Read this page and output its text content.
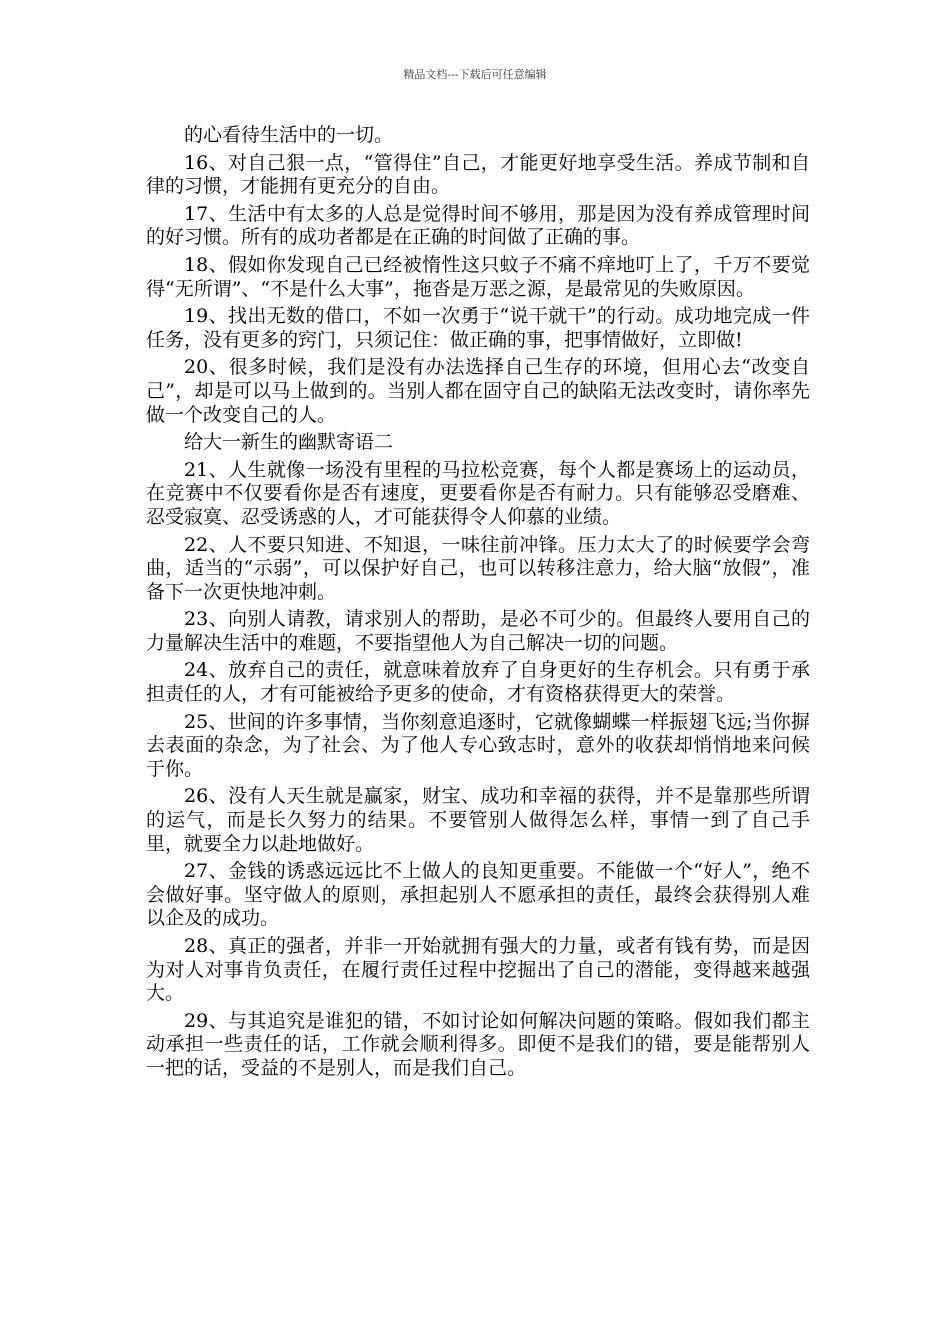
精品文档---下载后可任意编辑

的心看待生活中的一切。

16、对自己狠一点，“管得住”自己，才能更好地享受生活。养成节制和自律的习惯，才能拥有更充分的自由。

17、生活中有太多的人总是觉得时间不够用，那是因为没有养成管理时间的好习惯。所有的成功者都是在正确的时间做了正确的事。

18、假如你发现自己已经被惰性这只蚊子不痛不痒地叮上了，千万不要觉得“无所谓”、“不是什么大事”，拖沓是万恶之源，是最常见的失败原因。

19、找出无数的借口，不如一次勇于“说干就干”的行动。成功地完成一件任务，没有更多的窍门，只须记住：做正确的事，把事情做好，立即做!

20、很多时候，我们是没有办法选择自己生存的环境，但用心去“改变自己”，却是可以马上做到的。当别人都在固守自己的缺陷无法改变时，请你率先做一个改变自己的人。

给大一新生的幽默寄语二

21、人生就像一场没有里程的马拉松竞赛，每个人都是赛场上的运动员，在竞赛中不仅要看你是否有速度，更要看你是否有耐力。只有能够忍受磨难、忍受寂寞、忍受诱惑的人，才可能获得令人仰慕的业绩。

22、人不要只知进、不知退，一味往前冲锋。压力太大了的时候要学会弯曲，适当的“示弱”，可以保护好自己，也可以转移注意力，给大脑“放假”，准备下一次更快地冲刺。

23、向别人请教，请求别人的帮助，是必不可少的。但最终人要用自己的力量解决生活中的难题，不要指望他人为自己解决一切的问题。

24、放弃自己的责任，就意味着放弃了自身更好的生存机会。只有勇于承担责任的人，才有可能被给予更多的使命，才有资格获得更大的荣誉。

25、世间的许多事情，当你刻意追逐时，它就像蝴蝶一样振翅飞远;当你摒去表面的杂念，为了社会、为了他人专心致志时，意外的收获却悄悄地来问候于你。

26、没有人天生就是赢家，财宝、成功和幸福的获得，并不是靠那些所谓的运气，而是长久努力的结果。不要管别人做得怎么样，事情一到了自己手里，就要全力以赴地做好。

27、金钱的诱惑远远比不上做人的良知更重要。不能做一个“好人”，绝不会做好事。坚守做人的原则，承担起别人不愿承担的责任，最终会获得别人难以企及的成功。

28、真正的强者，并非一开始就拥有强大的力量，或者有钱有势，而是因为对人对事肯负责任，在履行责任过程中挖掘出了自己的潜能，变得越来越强大。

29、与其追究是谁犯的错，不如讨论如何解决问题的策略。假如我们都主动承担一些责任的话，工作就会顺利得多。即便不是我们的错，要是能帮别人一把的话，受益的不是别人，而是我们自己。
